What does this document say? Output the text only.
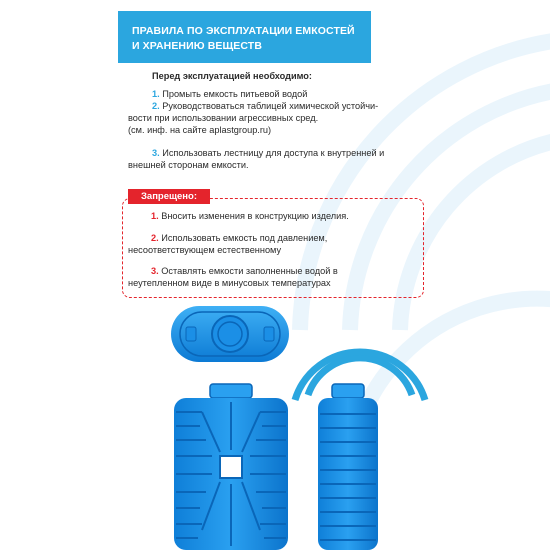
ПРАВИЛА ПО ЭКСПЛУАТАЦИИ ЕМКОСТЕЙ
И ХРАНЕНИЮ ВЕЩЕСТВ
Перед эксплуатацией необходимо:
1. Промыть емкость питьевой водой
2. Руководствоваться таблицей химической устойчи-
вости при использовании агрессивных сред.
(см. инф. на сайте aplastgroup.ru)
3. Использовать лестницу для доступа к внутренней и
внешней сторонам емкости.
Запрещено:
1. Вносить изменения в конструкцию изделия.
2. Использовать емкость под давлением,
несоответствующем естественному
3. Оставлять емкости заполненные водой в
неутепленном виде в минусовых температурах
